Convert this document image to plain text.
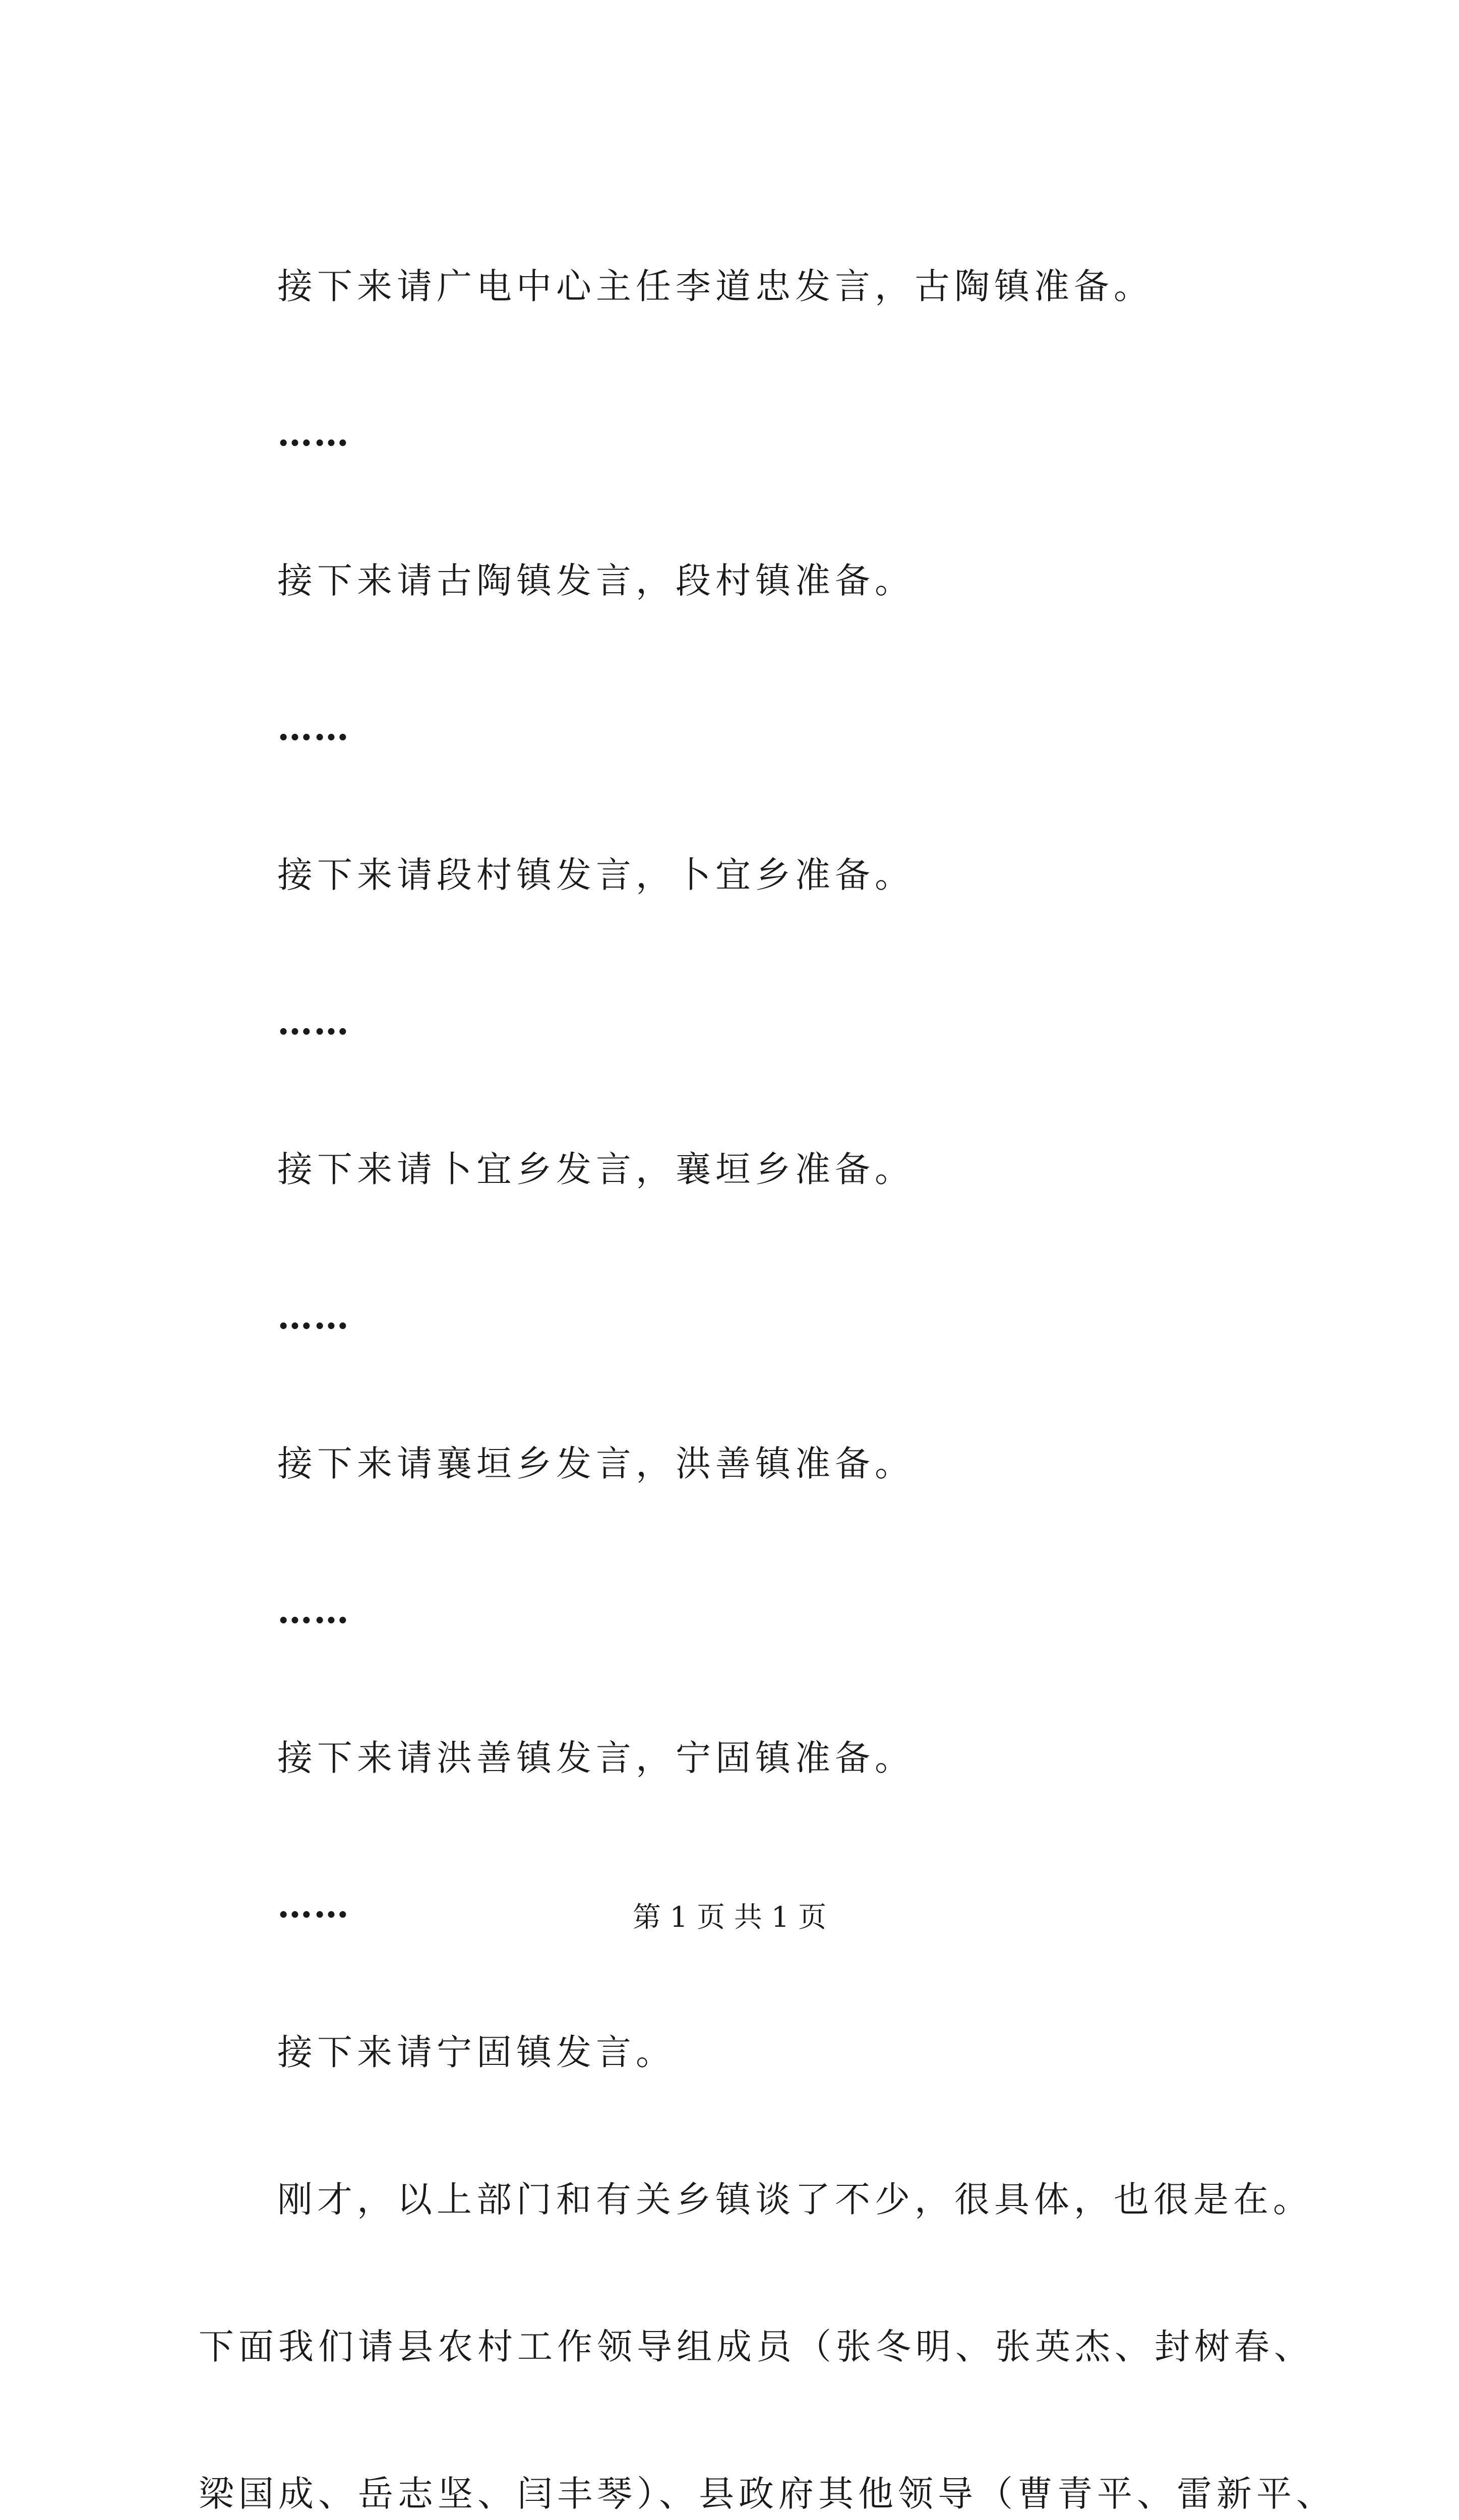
接下来请广电中心主任李道忠发言，古陶镇准备。
……
接下来请古陶镇发言，段村镇准备。
……
接下来请段村镇发言，卜宜乡准备。
……
接下来请卜宜乡发言，襄垣乡准备。
……
接下来请襄垣乡发言，洪善镇准备。
……
接下来请洪善镇发言，宁固镇准备。
……
接下来请宁固镇发言。
刚才，以上部门和有关乡镇谈了不少，很具体，也很是在。
下面我们请县农村工作领导组成员（张冬明、张英杰、封树春、
梁国成、岳志坚、闫丰琴）、县政府其他领导（曹青平、雷新平、
第 1 页 共 1 页
